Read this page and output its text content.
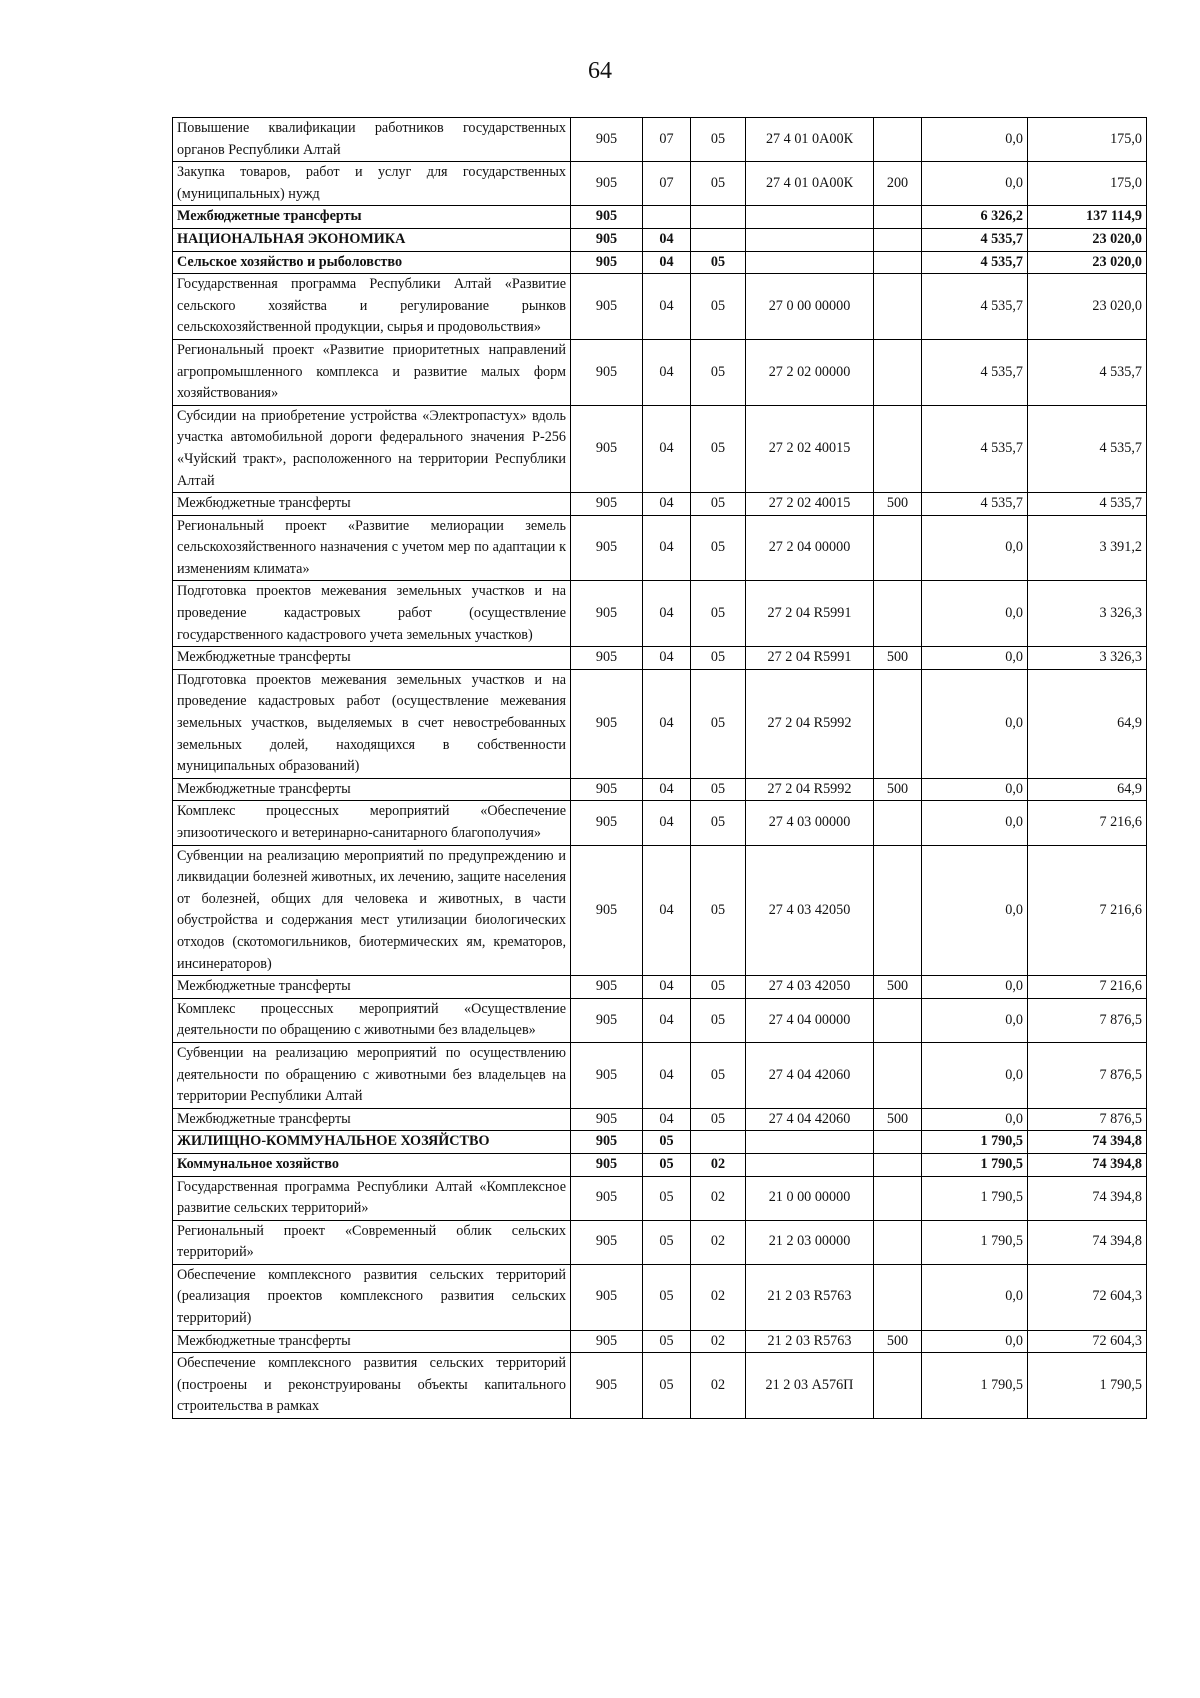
64
Повышение квалификации работников государственных органов Республики Алтай	905	07	05	27 4 01 0А00К		0,0	175,0
Закупка товаров, работ и услуг для государственных (муниципальных) нужд	905	07	05	27 4 01 0А00К	200	0,0	175,0
Межбюджетные трансферты	905					6 326,2	137 114,9
НАЦИОНАЛЬНАЯ ЭКОНОМИКА	905	04				4 535,7	23 020,0
Сельское хозяйство и рыболовство	905	04	05			4 535,7	23 020,0
Государственная программа Республики Алтай «Развитие сельского хозяйства и регулирование рынков сельскохозяйственной продукции, сырья и продовольствия»	905	04	05	27 0 00 00000		4 535,7	23 020,0
Региональный проект «Развитие приоритетных направлений агропромышленного комплекса и развитие малых форм хозяйствования»	905	04	05	27 2 02 00000		4 535,7	4 535,7
Субсидии на приобретение устройства «Электропастух» вдоль участка автомобильной дороги федерального значения Р-256 «Чуйский тракт», расположенного на территории Республики Алтай	905	04	05	27 2 02 40015		4 535,7	4 535,7
Межбюджетные трансферты	905	04	05	27 2 02 40015	500	4 535,7	4 535,7
Региональный проект «Развитие мелиорации земель сельскохозяйственного назначения с учетом мер по адаптации к изменениям климата»	905	04	05	27 2 04 00000		0,0	3 391,2
Подготовка проектов межевания земельных участков и на проведение кадастровых работ (осуществление государственного кадастрового учета земельных участков)	905	04	05	27 2 04 R5991		0,0	3 326,3
Межбюджетные трансферты	905	04	05	27 2 04 R5991	500	0,0	3 326,3
Подготовка проектов межевания земельных участков и на проведение кадастровых работ (осуществление межевания земельных участков, выделяемых в счет невостребованных земельных долей, находящихся в собственности муниципальных образований)	905	04	05	27 2 04 R5992		0,0	64,9
Межбюджетные трансферты	905	04	05	27 2 04 R5992	500	0,0	64,9
Комплекс процессных мероприятий «Обеспечение эпизоотического и ветеринарно-санитарного благополучия»	905	04	05	27 4 03 00000		0,0	7 216,6
Субвенции на реализацию мероприятий по предупреждению и ликвидации болезней животных, их лечению, защите населения от болезней, общих для человека и животных, в части обустройства и содержания мест утилизации биологических отходов (скотомогильников, биотермических ям, крематоров, инсинераторов)	905	04	05	27 4 03 42050		0,0	7 216,6
Межбюджетные трансферты	905	04	05	27 4 03 42050	500	0,0	7 216,6
Комплекс процессных мероприятий «Осуществление деятельности по обращению с животными без владельцев»	905	04	05	27 4 04 00000		0,0	7 876,5
Субвенции на реализацию мероприятий по осуществлению деятельности по обращению с животными без владельцев на территории Республики Алтай	905	04	05	27 4 04 42060		0,0	7 876,5
Межбюджетные трансферты	905	04	05	27 4 04 42060	500	0,0	7 876,5
ЖИЛИЩНО-КОММУНАЛЬНОЕ ХОЗЯЙСТВО	905	05				1 790,5	74 394,8
Коммунальное хозяйство	905	05	02			1 790,5	74 394,8
Государственная программа Республики Алтай «Комплексное развитие сельских территорий»	905	05	02	21 0 00 00000		1 790,5	74 394,8
Региональный проект «Современный облик сельских территорий»	905	05	02	21 2 03 00000		1 790,5	74 394,8
Обеспечение комплексного развития сельских территорий (реализация проектов комплексного развития сельских территорий)	905	05	02	21 2 03 R5763		0,0	72 604,3
Межбюджетные трансферты	905	05	02	21 2 03 R5763	500	0,0	72 604,3
Обеспечение комплексного развития сельских территорий (построены и реконструированы объекты капитального строительства в рамках	905	05	02	21 2 03 А576П		1 790,5	1 790,5
